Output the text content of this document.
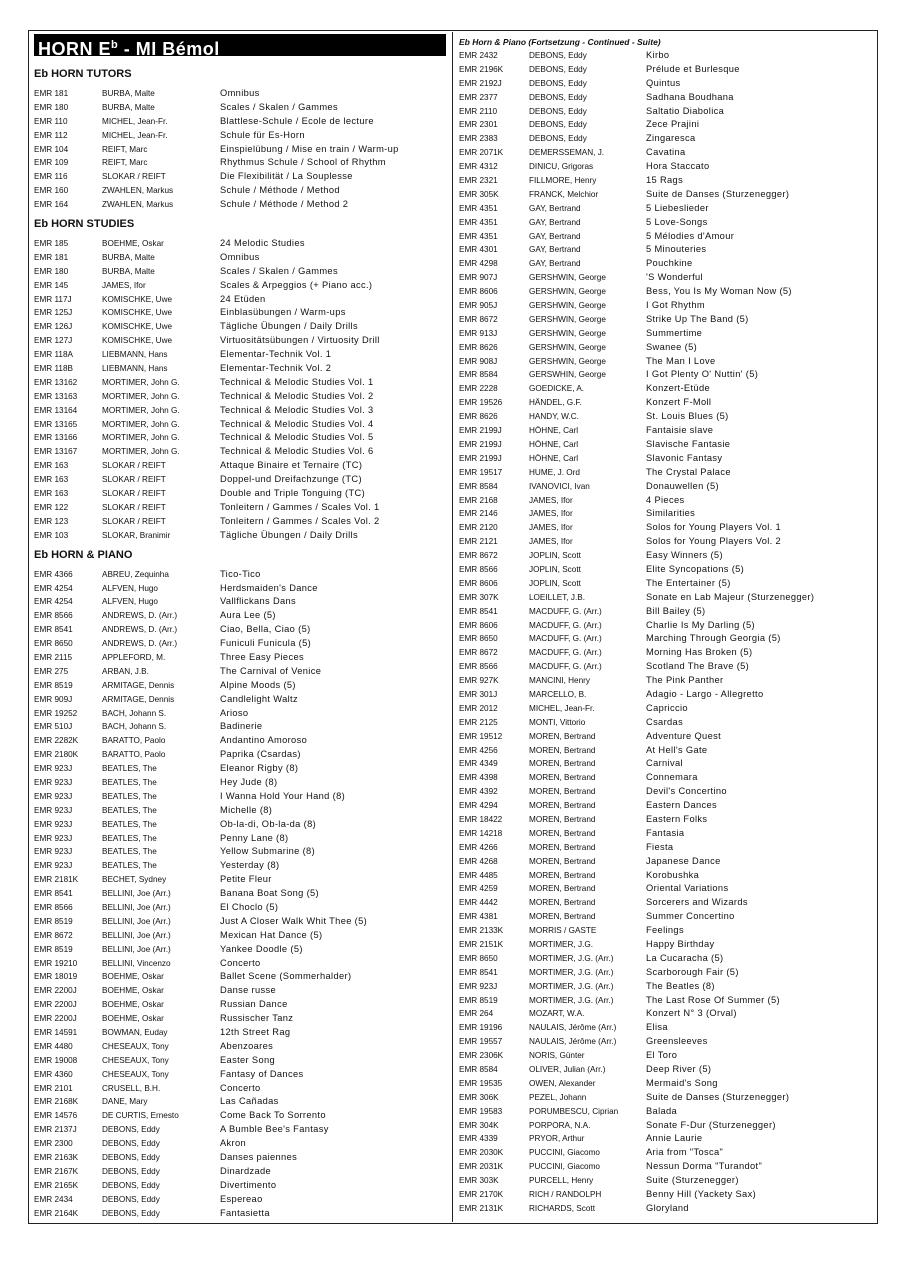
HORN $E^b$ - MI Bémol
Eb HORN TUTORS
EMR 181	BURBA, Malte	Omnibus
EMR 180	BURBA, Malte	Scales / Skalen / Gammes
EMR 110	MICHEL, Jean-Fr.	Blattlese-Schule / Ecole de lecture
EMR 112	MICHEL, Jean-Fr.	Schule für Es-Horn
EMR 104	REIFT, Marc	Einspielübung / Mise en train / Warm-up
EMR 109	REIFT, Marc	Rhythmus Schule / School of Rhythm
EMR 116	SLOKAR / REIFT	Die Flexibilität / La Souplesse
EMR 160	ZWAHLEN, Markus	Schule / Méthode / Method
EMR 164	ZWAHLEN, Markus	Schule / Méthode / Method 2
Eb HORN STUDIES
EMR 185	BOEHME, Oskar	24 Melodic Studies
EMR 181	BURBA, Malte	Omnibus
EMR 180	BURBA, Malte	Scales / Skalen / Gammes
EMR 145	JAMES, Ifor	Scales & Arpeggios (+ Piano acc.)
EMR 117J	KOMISCHKE, Uwe	24 Etüden
EMR 125J	KOMISCHKE, Uwe	Einblasübungen / Warm-ups
EMR 126J	KOMISCHKE, Uwe	Tägliche Übungen / Daily Drills
EMR 127J	KOMISCHKE, Uwe	Virtuositätsübungen / Virtuosity Drill
EMR 118A	LIEBMANN, Hans	Elementar-Technik Vol. 1
EMR 118B	LIEBMANN, Hans	Elementar-Technik Vol. 2
EMR 13162	MORTIMER, John G.	Technical & Melodic Studies Vol. 1
EMR 13163	MORTIMER, John G.	Technical & Melodic Studies Vol. 2
EMR 13164	MORTIMER, John G.	Technical & Melodic Studies Vol. 3
EMR 13165	MORTIMER, John G.	Technical & Melodic Studies Vol. 4
EMR 13166	MORTIMER, John G.	Technical & Melodic Studies Vol. 5
EMR 13167	MORTIMER, John G.	Technical & Melodic Studies Vol. 6
EMR 163	SLOKAR / REIFT	Attaque Binaire et Ternaire (TC)
EMR 163	SLOKAR / REIFT	Doppel-und Dreifachzunge (TC)
EMR 163	SLOKAR / REIFT	Double and Triple Tonguing (TC)
EMR 122	SLOKAR / REIFT	Tonleitern / Gammes / Scales Vol. 1
EMR 123	SLOKAR / REIFT	Tonleitern / Gammes / Scales Vol. 2
EMR 103	SLOKAR, Branimir	Tägliche Übungen / Daily Drills
Eb HORN & PIANO
EMR 4366	ABREU, Zequinha	Tico-Tico
EMR 4254	ALFVEN, Hugo	Herdsmaiden's Dance
EMR 4254	ALFVEN, Hugo	Vallflickans Dans
EMR 8566	ANDREWS, D. (Arr.)	Aura Lee (5)
EMR 8541	ANDREWS, D. (Arr.)	Ciao, Bella, Ciao (5)
EMR 8650	ANDREWS, D. (Arr.)	Funiculi Funicula (5)
EMR 2115	APPLEFORD, M.	Three Easy Pieces
EMR 275	ARBAN, J.B.	The Carnival of Venice
EMR 8519	ARMITAGE, Dennis	Alpine Moods (5)
EMR 909J	ARMITAGE, Dennis	Candlelight Waltz
EMR 19252	BACH, Johann S.	Arioso
EMR 510J	BACH, Johann S.	Badinerie
EMR 2282K	BARATTO, Paolo	Andantino Amoroso
EMR 2180K	BARATTO, Paolo	Paprika (Csardas)
EMR 923J	BEATLES, The	Eleanor Rigby (8)
EMR 923J	BEATLES, The	Hey Jude (8)
EMR 923J	BEATLES, The	I Wanna Hold Your Hand (8)
EMR 923J	BEATLES, The	Michelle (8)
EMR 923J	BEATLES, The	Ob-la-di, Ob-la-da (8)
EMR 923J	BEATLES, The	Penny Lane (8)
EMR 923J	BEATLES, The	Yellow Submarine (8)
EMR 923J	BEATLES, The	Yesterday (8)
EMR 2181K	BECHET, Sydney	Petite Fleur
EMR 8541	BELLINI, Joe (Arr.)	Banana Boat Song (5)
EMR 8566	BELLINI, Joe (Arr.)	El Choclo (5)
EMR 8519	BELLINI, Joe (Arr.)	Just A Closer Walk Whit Thee (5)
EMR 8672	BELLINI, Joe (Arr.)	Mexican Hat Dance (5)
EMR 8519	BELLINI, Joe (Arr.)	Yankee Doodle (5)
EMR 19210	BELLINI, Vincenzo	Concerto
EMR 18019	BOEHME, Oskar	Ballet Scene (Sommerhalder)
EMR 2200J	BOEHME, Oskar	Danse russe
EMR 2200J	BOEHME, Oskar	Russian Dance
EMR 2200J	BOEHME, Oskar	Russischer Tanz
EMR 14591	BOWMAN, Euday	12th Street Rag
EMR 4480	CHESEAUX, Tony	Abenzoares
EMR 19008	CHESEAUX, Tony	Easter Song
EMR 4360	CHESEAUX, Tony	Fantasy of Dances
EMR 2101	CRUSELL, B.H.	Concerto
EMR 2168K	DANE, Mary	Las Cañadas
EMR 14576	DE CURTIS, Ernesto	Come Back To Sorrento
EMR 2137J	DEBONS, Eddy	A Bumble Bee's Fantasy
EMR 2300	DEBONS, Eddy	Akron
EMR 2163K	DEBONS, Eddy	Danses paiennes
EMR 2167K	DEBONS, Eddy	Dinardzade
EMR 2165K	DEBONS, Eddy	Divertimento
EMR 2434	DEBONS, Eddy	Espereao
EMR 2164K	DEBONS, Eddy	Fantasietta
Eb Horn & Piano (Fortsetzung - Continued - Suite)
EMR 2432	DEBONS, Eddy	Kirbo
EMR 2196K	DEBONS, Eddy	Prélude et Burlesque
EMR 2192J	DEBONS, Eddy	Quintus
EMR 2377	DEBONS, Eddy	Sadhana Boudhana
EMR 2110	DEBONS, Eddy	Saltatio Diabolica
EMR 2301	DEBONS, Eddy	Zece Prajini
EMR 2383	DEBONS, Eddy	Zingaresca
EMR 2071K	DEMERSSEMAN, J.	Cavatina
EMR 4312	DINICU, Grigoras	Hora Staccato
EMR 2321	FILLMORE, Henry	15 Rags
EMR 305K	FRANCK, Melchior	Suite de Danses (Sturzenegger)
EMR 4351	GAY, Bertrand	5 Liebeslieder
EMR 4351	GAY, Bertrand	5 Love-Songs
EMR 4351	GAY, Bertrand	5 Mélodies d'Amour
EMR 4301	GAY, Bertrand	5 Minouteries
EMR 4298	GAY, Bertrand	Pouchkine
EMR 907J	GERSHWIN, George	'S Wonderful
EMR 8606	GERSHWIN, George	Bess, You Is My Woman Now (5)
EMR 905J	GERSHWIN, George	I Got Rhythm
EMR 8672	GERSHWIN, George	Strike Up The Band (5)
EMR 913J	GERSHWIN, George	Summertime
EMR 8626	GERSHWIN, George	Swanee (5)
EMR 908J	GERSHWIN, George	The Man I Love
EMR 8584	GERSWHIN, George	I Got Plenty O' Nuttin' (5)
EMR 2228	GOEDICKE, A.	Konzert-Etüde
EMR 19526	HÄNDEL, G.F.	Konzert F-Moll
EMR 8626	HANDY, W.C.	St. Louis Blues (5)
EMR 2199J	HÖHNE, Carl	Fantaisie slave
EMR 2199J	HÖHNE, Carl	Slavische Fantasie
EMR 2199J	HÖHNE, Carl	Slavonic Fantasy
EMR 19517	HUME, J. Ord	The Crystal Palace
EMR 8584	IVANOVICI, Ivan	Donauwellen (5)
EMR 2168	JAMES, Ifor	4 Pieces
EMR 2146	JAMES, Ifor	Similarities
EMR 2120	JAMES, Ifor	Solos for Young Players Vol. 1
EMR 2121	JAMES, Ifor	Solos for Young Players Vol. 2
EMR 8672	JOPLIN, Scott	Easy Winners (5)
EMR 8566	JOPLIN, Scott	Elite Syncopations (5)
EMR 8606	JOPLIN, Scott	The Entertainer (5)
EMR 307K	LOEILLET, J.B.	Sonate en Lab Majeur (Sturzenegger)
EMR 8541	MACDUFF, G. (Arr.)	Bill Bailey (5)
EMR 8606	MACDUFF, G. (Arr.)	Charlie Is My Darling (5)
EMR 8650	MACDUFF, G. (Arr.)	Marching Through Georgia (5)
EMR 8672	MACDUFF, G. (Arr.)	Morning Has Broken (5)
EMR 8566	MACDUFF, G. (Arr.)	Scotland The Brave (5)
EMR 927K	MANCINI, Henry	The Pink Panther
EMR 301J	MARCELLO, B.	Adagio - Largo - Allegretto
EMR 2012	MICHEL, Jean-Fr.	Capriccio
EMR 2125	MONTI, Vittorio	Csardas
EMR 19512	MOREN, Bertrand	Adventure Quest
EMR 4256	MOREN, Bertrand	At Hell's Gate
EMR 4349	MOREN, Bertrand	Carnival
EMR 4398	MOREN, Bertrand	Connemara
EMR 4392	MOREN, Bertrand	Devil's Concertino
EMR 4294	MOREN, Bertrand	Eastern Dances
EMR 18422	MOREN, Bertrand	Eastern Folks
EMR 14218	MOREN, Bertrand	Fantasia
EMR 4266	MOREN, Bertrand	Fiesta
EMR 4268	MOREN, Bertrand	Japanese Dance
EMR 4485	MOREN, Bertrand	Korobushka
EMR 4259	MOREN, Bertrand	Oriental Variations
EMR 4442	MOREN, Bertrand	Sorcerers and Wizards
EMR 4381	MOREN, Bertrand	Summer Concertino
EMR 2133K	MORRIS / GASTE	Feelings
EMR 2151K	MORTIMER, J.G.	Happy Birthday
EMR 8650	MORTIMER, J.G. (Arr.)	La Cucaracha (5)
EMR 8541	MORTIMER, J.G. (Arr.)	Scarborough Fair (5)
EMR 923J	MORTIMER, J.G. (Arr.)	The Beatles (8)
EMR 8519	MORTIMER, J.G. (Arr.)	The Last Rose Of Summer (5)
EMR 264	MOZART, W.A.	Konzert N° 3 (Orval)
EMR 19196	NAULAIS, Jérôme (Arr.)	Elisa
EMR 19557	NAULAIS, Jérôme (Arr.)	Greensleeves
EMR 2306K	NORIS, Günter	El Toro
EMR 8584	OLIVER, Julian (Arr.)	Deep River (5)
EMR 19535	OWEN, Alexander	Mermaid's Song
EMR 306K	PEZEL, Johann	Suite de Danses (Sturzenegger)
EMR 19583	PORUMBESCU, Ciprian	Balada
EMR 304K	PORPORA, N.A.	Sonate F-Dur (Sturzenegger)
EMR 4339	PRYOR, Arthur	Annie Laurie
EMR 2030K	PUCCINI, Giacomo	Aria from "Tosca"
EMR 2031K	PUCCINI, Giacomo	Nessun Dorma "Turandot"
EMR 303K	PURCELL, Henry	Suite (Sturzenegger)
EMR 2170K	RICH / RANDOLPH	Benny Hill (Yackety Sax)
EMR 2131K	RICHARDS, Scott	Gloryland
